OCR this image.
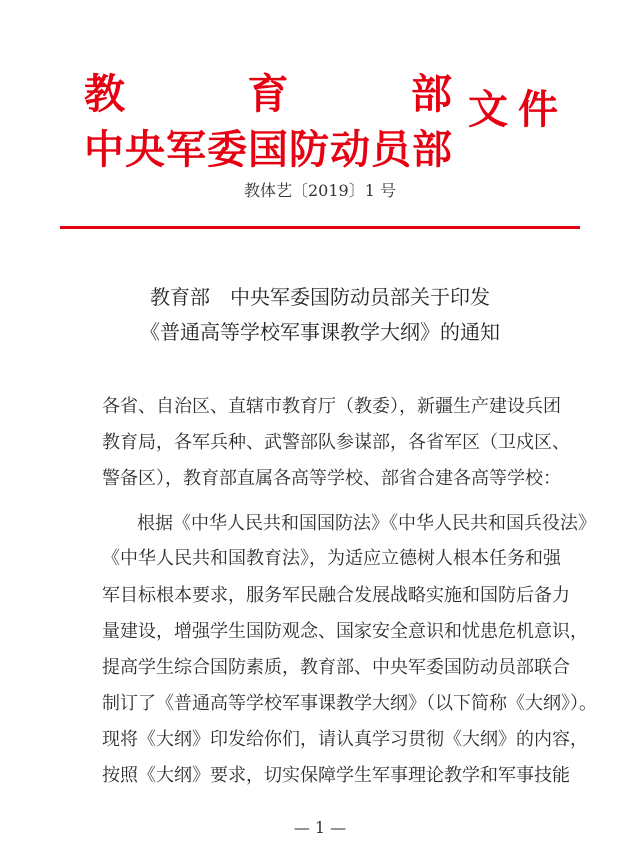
教	育	部
中央军委国防动员部
文件
教体艺〔2019〕1 号
教育部　中央军委国防动员部关于印发
《普通高等学校军事课教学大纲》的通知
各省、自治区、直辖市教育厅（教委），新疆生产建设兵团
教育局，各军兵种、武警部队参谋部，各省军区（卫戍区、
警备区），教育部直属各高等学校、部省合建各高等学校：
根据《中华人民共和国国防法》《中华人民共和国兵役法》
《中华人民共和国教育法》，为适应立德树人根本任务和强
军目标根本要求，服务军民融合发展战略实施和国防后备力
量建设，增强学生国防观念、国家安全意识和忧患危机意识，
提高学生综合国防素质，教育部、中央军委国防动员部联合
制订了《普通高等学校军事课教学大纲》（以下简称《大纲》）。
现将《大纲》印发给你们，请认真学习贯彻《大纲》的内容，
按照《大纲》要求，切实保障学生军事理论教学和军事技能
— 1 —
